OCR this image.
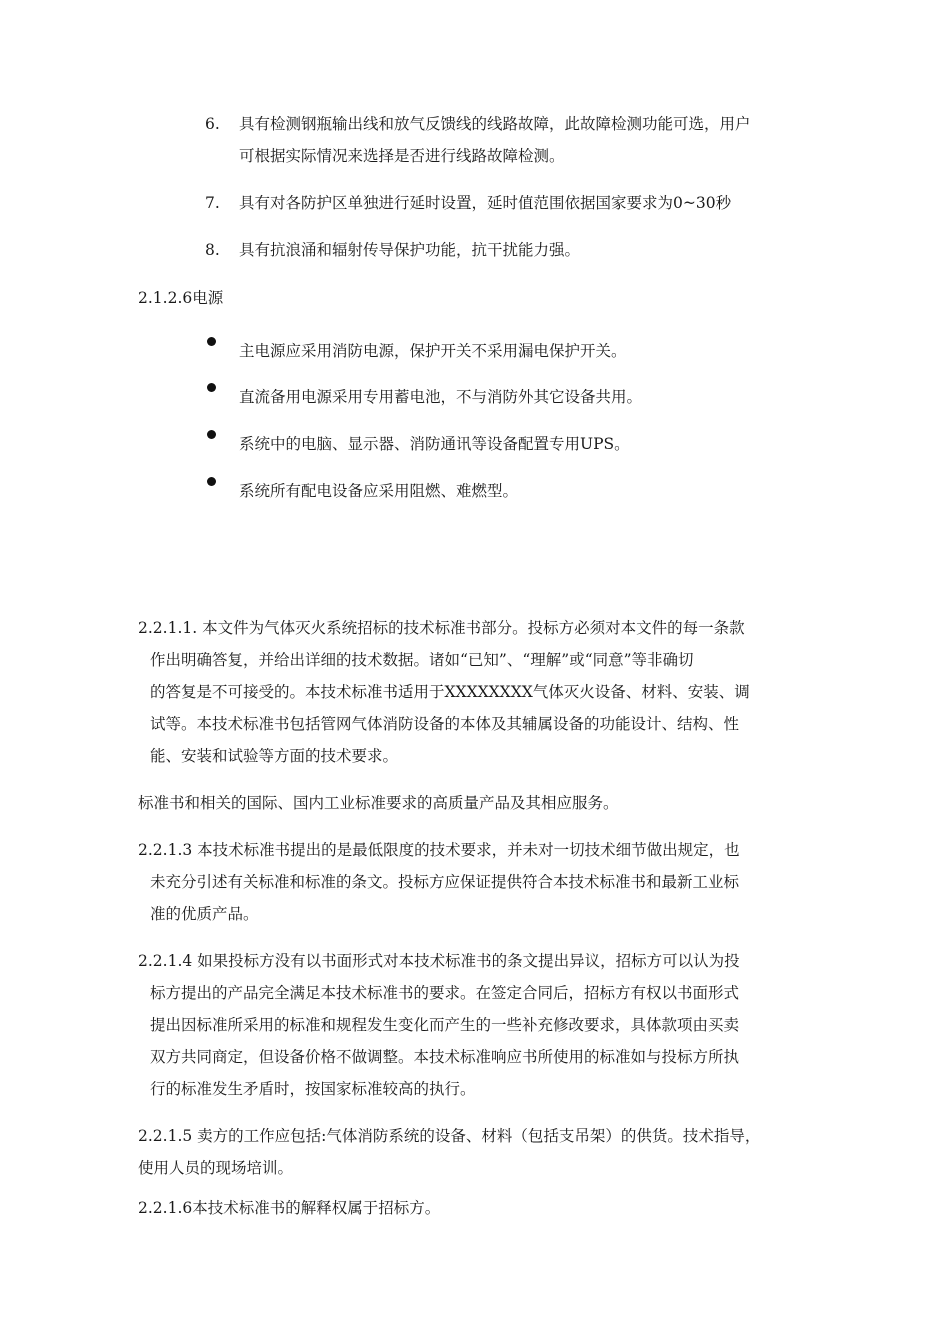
6. 具有检测钢瓶输出线和放气反馈线的线路故障，此故障检测功能可选，用户
可根据实际情况来选择是否进行线路故障检测。
7. 具有对各防护区单独进行延时设置，延时值范围依据国家要求为0~30秒
8. 具有抗浪涌和辐射传导保护功能，抗干扰能力强。
2.1.2.6电源
主电源应采用消防电源，保护开关不采用漏电保护开关。
直流备用电源采用专用蓄电池，不与消防外其它设备共用。
系统中的电脑、显示器、消防通讯等设备配置专用UPS。
系统所有配电设备应采用阻燃、难燃型。
2.2.1.1. 本文件为气体灭火系统招标的技术标准书部分。投标方必须对本文件的每一条款
作出明确答复，并给出详细的技术数据。诸如“已知”、“理解”或“同意”等非确切
的答复是不可接受的。本技术标准书适用于XXXXXXXX气体灭火设备、材料、安装、调
试等。本技术标准书包括管网气体消防设备的本体及其辅属设备的功能设计、结构、性
能、安装和试验等方面的技术要求。
标准书和相关的国际、国内工业标准要求的高质量产品及其相应服务。
2.2.1.3 本技术标准书提出的是最低限度的技术要求，并未对一切技术细节做出规定，也
未充分引述有关标准和标准的条文。投标方应保证提供符合本技术标准书和最新工业标
准的优质产品。
2.2.1.4 如果投标方没有以书面形式对本技术标准书的条文提出异议，招标方可以认为投
标方提出的产品完全满足本技术标准书的要求。在签定合同后，招标方有权以书面形式
提出因标准所采用的标准和规程发生变化而产生的一些补充修改要求，具体款项由买卖
双方共同商定，但设备价格不做调整。本技术标准响应书所使用的标准如与投标方所执
行的标准发生矛盾时，按国家标准较高的执行。
2.2.1.5 卖方的工作应包括:气体消防系统的设备、材料（包括支吊架）的供货。技术指导，
使用人员的现场培训。
2.2.1.6本技术标准书的解释权属于招标方。
